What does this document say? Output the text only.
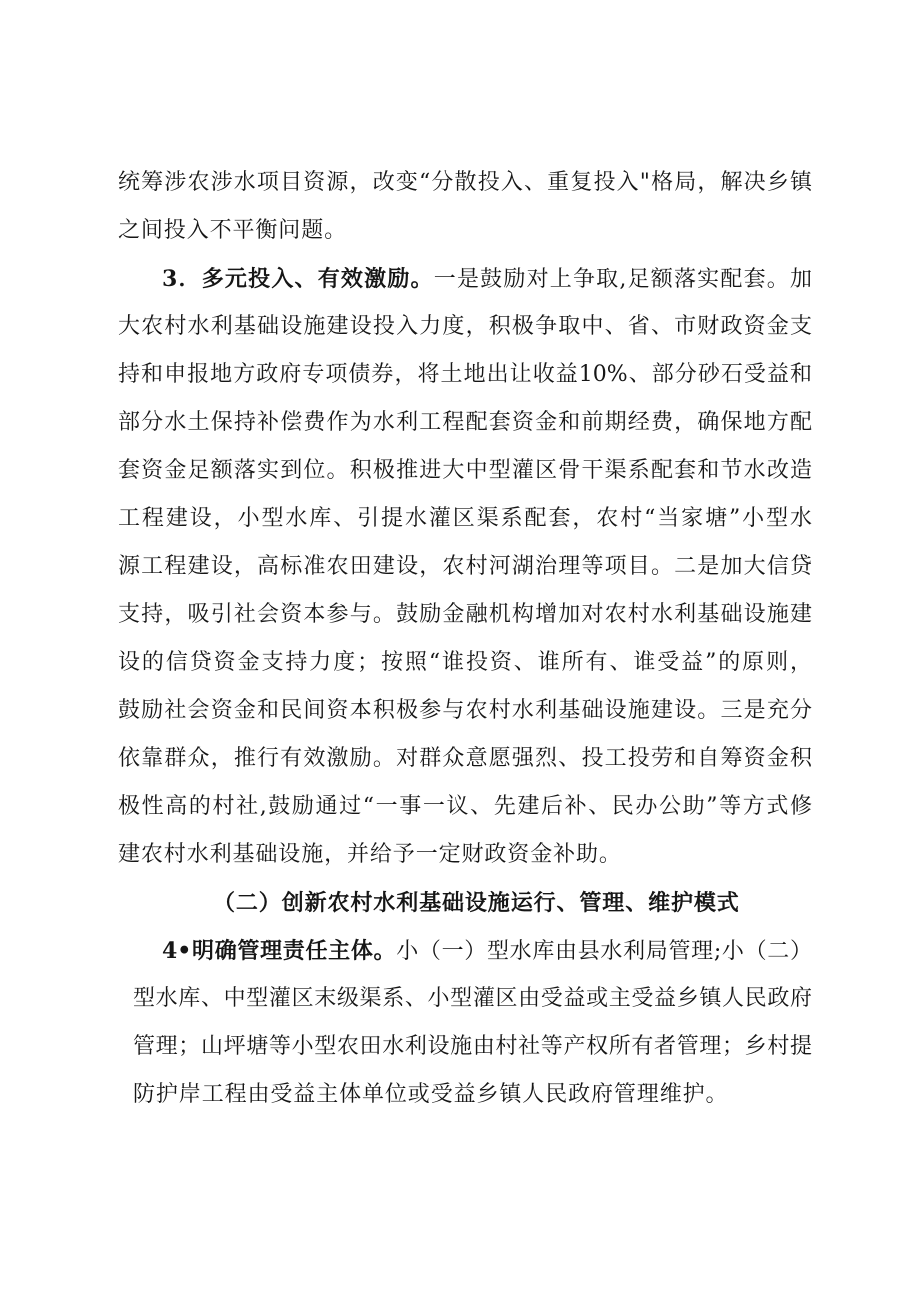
统筹涉农涉水项目资源，改变“分散投入、重复投入"格局，解决乡镇
之间投入不平衡问题。
3．多元投入、有效激励。一是鼓励对上争取,足额落实配套。加
大农村水利基础设施建设投入力度，积极争取中、省、市财政资金支
持和申报地方政府专项债券，将土地出让收益10%、部分砂石受益和
部分水土保持补偿费作为水利工程配套资金和前期经费，确保地方配
套资金足额落实到位。积极推进大中型灌区骨干渠系配套和节水改造
工程建设，小型水库、引提水灌区渠系配套，农村“当家塘”小型水
源工程建设，高标准农田建设，农村河湖治理等项目。二是加大信贷
支持，吸引社会资本参与。鼓励金融机构增加对农村水利基础设施建
设的信贷资金支持力度；按照“谁投资、谁所有、谁受益”的原则，
鼓励社会资金和民间资本积极参与农村水利基础设施建设。三是充分
依靠群众，推行有效激励。对群众意愿强烈、投工投劳和自筹资金积
极性高的村社,鼓励通过“一事一议、先建后补、民办公助”等方式修
建农村水利基础设施，并给予一定财政资金补助。
（二）创新农村水利基础设施运行、管理、维护模式
4•明确管理责任主体。小（一）型水库由县水利局管理;小（二）
型水库、中型灌区末级渠系、小型灌区由受益或主受益乡镇人民政府
管理；山坪塘等小型农田水利设施由村社等产权所有者管理；乡村提
防护岸工程由受益主体单位或受益乡镇人民政府管理维护。
